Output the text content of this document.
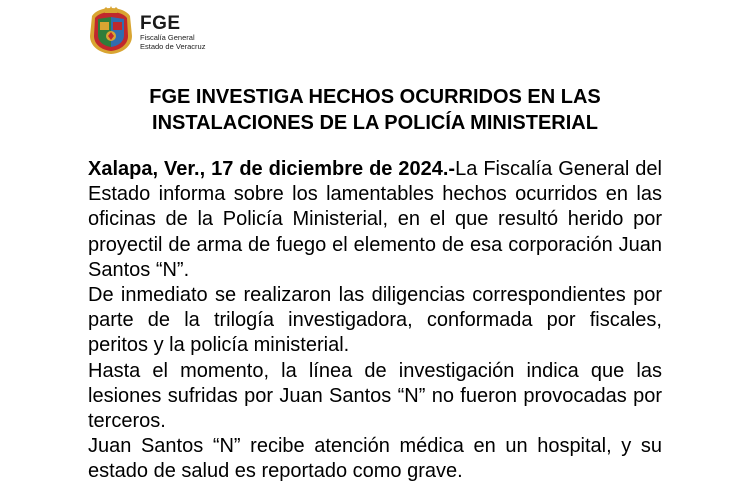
FGE
Fiscalía General
Estado de Veracruz
FGE INVESTIGA HECHOS OCURRIDOS EN LAS
INSTALACIONES DE LA POLICÍA MINISTERIAL

Xalapa, Ver., 17 de diciembre de 2024.-La Fiscalía General del Estado informa sobre los lamentables hechos ocurridos en las oficinas de la Policía Ministerial, en el que resultó herido por proyectil de arma de fuego el elemento de esa corporación Juan Santos “N”.

De inmediato se realizaron las diligencias correspondientes por parte de la trilogía investigadora, conformada por fiscales, peritos y la policía ministerial.

Hasta el momento, la línea de investigación indica que las lesiones sufridas por Juan Santos “N” no fueron provocadas por terceros.

Juan Santos “N” recibe atención médica en un hospital, y su estado de salud es reportado como grave.
